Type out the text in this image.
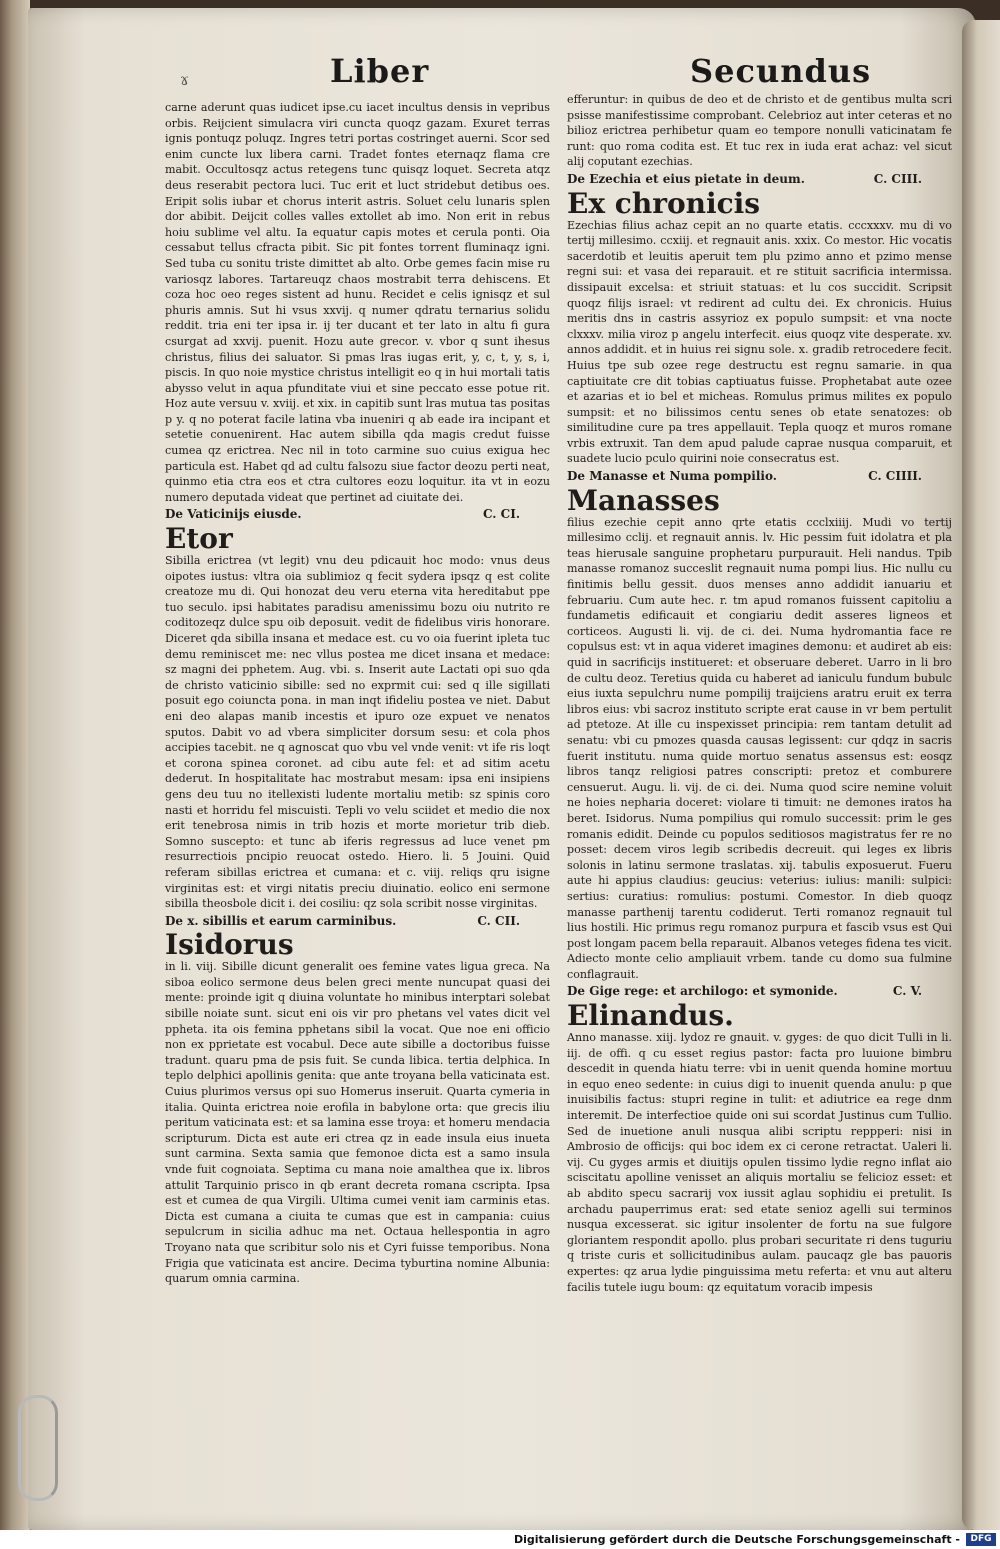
ɤ	Liber	Secundus

carne aderunt quas iudicet ipse.cu iacet incultus densis in vepribus orbis. Reijcient simulacra viri cuncta quoqz gazam. Exuret terras ignis pontuqz poluqz. Ingres tetri portas costringet auerni. Scor sed enim cuncte lux libera carni. Tradet fontes eternaqz flama cre mabit. Occultosqz actus retegens tunc quisqz loquet. Secreta atqz deus reserabit pectora luci. Tuc erit et luct stridebut detibus oes. Eripit solis iubar et chorus interit astris. Soluet celu lunaris splen dor abibit. Deijcit colles valles extollet ab imo. Non erit in rebus hoiu sublime vel altu. Ia equatur capis motes et cerula ponti. Oia cessabut tellus cfracta pibit. Sic pit fontes torrent fluminaqz igni. Sed tuba cu sonitu triste dimittet ab alto. Orbe gemes facin mise ru variosqz labores. Tartareuqz chaos mostrabit terra dehiscens. Et coza hoc oeo reges sistent ad hunu. Recidet e celis ignisqz et sul phuris amnis. Sut hi vsus xxvij. q numer qdratu ternarius solidu reddit. tria eni ter ipsa ir. ij ter ducant et ter lato in altu fi gura csurgat ad xxvij. puenit. Hozu aute grecor. v. vbor q sunt ihesus christus, filius dei saluator. Si pmas lras iugas erit, y, c, t, y, s, i, piscis. In quo noie mystice christus intelligit eo q in hui mortali tatis abysso velut in aqua pfunditate viui et sine peccato esse potue rit. Hoz aute versuu v. xviij. et xix. in capitib sunt lras mutua tas positas p y. q no poterat facile latina vba inueniri q ab eade ira incipant et setetie conuenirent. Hac autem sibilla qda magis credut fuisse cumea qz erictrea. Nec nil in toto carmine suo cuius exigua hec particula est. Habet qd ad cultu falsozu siue factor deozu perti neat, quinmo etia ctra eos et ctra cultores eozu loquitur. ita vt in eozu numero deputada videat que pertinet ad ciuitate dei.

De Vaticinijs eiusde.	C. CI.
Etor

Sibilla erictrea (vt legit) vnu deu pdicauit hoc modo: vnus deus oipotes iustus: vltra oia sublimioz q fecit sydera ipsqz q est colite creatoze mu di. Qui honozat deu veru eterna vita hereditabut ppe tuo seculo. ipsi habitates paradisu amenissimu bozu oiu nutrito re coditozeqz dulce spu oib deposuit. vedit de fidelibus viris honorare. Diceret qda sibilla insana et medace est. cu vo oia fuerint ipleta tuc demu reminiscet me: nec vllus postea me dicet insana et medace: sz magni dei pphetem. Aug. vbi. s. Inserit aute Lactati opi suo qda de christo vaticinio sibille: sed no exprmit cui: sed q ille sigillati posuit ego coiuncta pona. in man inqt ifideliu postea ve niet. Dabut eni deo alapas manib incestis et ipuro oze expuet ve nenatos sputos. Dabit vo ad vbera simpliciter dorsum sesu: et cola phos accipies tacebit. ne q agnoscat quo vbu vel vnde venit: vt ife ris loqt et corona spinea coronet. ad cibu aute fel: et ad sitim acetu dederut. In hospitalitate hac mostrabut mesam: ipsa eni insipiens gens deu tuu no itellexisti ludente mortaliu metib: sz spinis coro nasti et horridu fel miscuisti. Tepli vo velu sciidet et medio die nox erit tenebrosa nimis in trib hozis et morte morietur trib dieb. Somno suscepto: et tunc ab iferis regressus ad luce venet pm resurrectiois pncipio reuocat ostedo. Hiero. li. 5 Jouini. Quid referam sibillas erictrea et cumana: et c. viij. reliqs qru isigne virginitas est: et virgi nitatis preciu diuinatio. eolico eni sermone sibilla theosbole dicit i. dei cosiliu: qz sola scribit nosse virginitas.

De x. sibillis et earum carminibus.	C. CII.
Isidorus

in li. viij. Sibille dicunt generalit oes femine vates ligua greca. Na siboa eolico sermone deus belen greci mente nuncupat quasi dei mente: proinde igit q diuina voluntate ho minibus interptari solebat sibille noiate sunt. sicut eni ois vir pro phetans vel vates dicit vel ppheta. ita ois femina pphetans sibil la vocat. Que noe eni officio non ex pprietate est vocabul. Dece aute sibille a doctoribus fuisse tradunt. quaru pma de psis fuit. Se cunda libica. tertia delphica. In teplo delphici apollinis genita: que ante troyana bella vaticinata est. Cuius plurimos versus opi suo Homerus inseruit. Quarta cymeria in italia. Quinta erictrea noie erofila in babylone orta: que grecis iliu peritum vaticinata est: et sa lamina esse troya: et homeru mendacia scripturum. Dicta est aute eri ctrea qz in eade insula eius inueta sunt carmina. Sexta samia que femonoe dicta est a samo insula vnde fuit cognoiata. Septima cu mana noie amalthea que ix. libros attulit Tarquinio prisco in qb erant decreta romana cscripta. Ipsa est et cumea de qua Virgili. Ultima cumei venit iam carminis etas. Dicta est cumana a ciuita te cumas que est in campania: cuius sepulcrum in sicilia adhuc ma net. Octaua hellespontia in agro Troyano nata que scribitur solo nis et Cyri fuisse temporibus. Nona Frigia que vaticinata est ancire. Decima tyburtina nomine Albunia: quarum omnia carmina.

efferuntur: in quibus de deo et de christo et de gentibus multa scri psisse manifestissime comprobant. Celebrioz aut inter ceteras et no bilioz erictrea perhibetur quam eo tempore nonulli vaticinatam fe runt: quo roma codita est. Et tuc rex in iuda erat achaz: vel sicut alij coputant ezechias.

De Ezechia et eius pietate in deum.	C. CIII.
Ex chronicis

Ezechias filius achaz cepit an no quarte etatis. cccxxxv. mu di vo tertij millesimo. ccxiij. et regnauit anis. xxix. Co mestor. Hic vocatis sacerdotib et leuitis aperuit tem plu pzimo anno et pzimo mense regni sui: et vasa dei reparauit. et re stituit sacrificia intermissa. dissipauit excelsa: et striuit statuas: et lu cos succidit. Scripsit quoqz filijs israel: vt redirent ad cultu dei. Ex chronicis. Huius meritis dns in castris assyrioz ex populo sumpsit: et vna nocte clxxxv. milia viroz p angelu interfecit. eius quoqz vite desperate. xv. annos addidit. et in huius rei signu sole. x. gradib retrocedere fecit. Huius tpe sub ozee rege destructu est regnu samarie. in qua captiuitate cre dit tobias captiuatus fuisse. Prophetabat aute ozee et azarias et io bel et micheas. Romulus primus milites ex populo sumpsit: et no bilissimos centu senes ob etate senatozes: ob similitudine cure pa tres appellauit. Tepla quoqz et muros romane vrbis extruxit. Tan dem apud palude caprae nusqua comparuit, et suadete lucio pculo quirini noie consecratus est.

De Manasse et Numa pompilio.	C. CIIII.
Manasses

filius ezechie cepit anno qrte etatis ccclxiiij. Mudi vo tertij millesimo cclij. et regnauit annis. lv. Hic pessim fuit idolatra et pla teas hierusale sanguine prophetaru purpurauit. Heli nandus. Tpib manasse romanoz succeslit regnauit numa pompi lius. Hic nullu cu finitimis bellu gessit. duos menses anno addidit ianuariu et februariu. Cum aute hec. r. tm apud romanos fuissent capitoliu a fundametis edificauit et congiariu dedit asseres ligneos et corticeos. Augusti li. vij. de ci. dei. Numa hydromantia face re copulsus est: vt in aqua videret imagines demonu: et audiret ab eis: quid in sacrificijs institueret: et obseruare deberet. Uarro in li bro de cultu deoz. Teretius quida cu haberet ad ianiculu fundum bubulc eius iuxta sepulchru nume pompilij traijciens aratru eruit ex terra libros eius: vbi sacroz instituto scripte erat cause in vr bem pertulit ad ptetoze. At ille cu inspexisset principia: rem tantam detulit ad senatu: vbi cu pmozes quasda causas legissent: cur qdqz in sacris fuerit institutu. numa quide mortuo senatus assensus est: eosqz libros tanqz religiosi patres conscripti: pretoz et comburere censuerut. Augu. li. vij. de ci. dei. Numa quod scire nemine voluit ne hoies nepharia doceret: violare ti timuit: ne demones iratos ha beret. Isidorus. Numa pompilius qui romulo successit: prim le ges romanis edidit. Deinde cu populos seditiosos magistratus fer re no posset: decem viros legib scribedis decreuit. qui leges ex libris solonis in latinu sermone traslatas. xij. tabulis exposuerut. Fueru aute hi appius claudius: geucius: veterius: iulius: manili: sulpici: sertius: curatius: romulius: postumi. Comestor. In dieb quoqz manasse parthenij tarentu codiderut. Terti romanoz regnauit tul lius hostili. Hic primus regu romanoz purpura et fascib vsus est Qui post longam pacem bella reparauit. Albanos veteges fidena tes vicit. Adiecto monte celio ampliauit vrbem. tande cu domo sua fulmine conflagrauit.

De Gige rege: et archilogo: et symonide.	C. V.
Elinandus.

Anno manasse. xiij. lydoz re gnauit. v. gyges: de quo dicit Tulli in li. iij. de offi. q cu esset regius pastor: facta pro luuione bimbru descedit in quenda hiatu terre: vbi in uenit quenda homine mortuu in equo eneo sedente: in cuius digi to inuenit quenda anulu: p que inuisibilis factus: stupri regine in tulit: et adiutrice ea rege dnm interemit. De interfectioe quide oni sui scordat Justinus cum Tullio. Sed de inuetione anuli nusqua alibi scriptu reppperi: nisi in Ambrosio de officijs: qui boc idem ex ci cerone retractat. Ualeri li. vij. Cu gyges armis et diuitijs opulen tissimo lydie regno inflat aio sciscitatu apolline venisset an aliquis mortaliu se felicioz esset: et ab abdito specu sacrarij vox iussit aglau sophidiu ei pretulit. Is archadu pauperrimus erat: sed etate senioz agelli sui terminos nusqua excesserat. sic igitur insolenter de fortu na sue fulgore gloriantem respondit apollo. plus probari securitate ri dens tuguriu q triste curis et sollicitudinibus aulam. paucaqz gle bas pauoris expertes: qz arua lydie pinguissima metu referta: et vnu aut alteru facilis tutele iugu boum: qz equitatum voracib impesis

Digitalisierung gefördert durch die Deutsche Forschungsgemeinschaft -	DFG
